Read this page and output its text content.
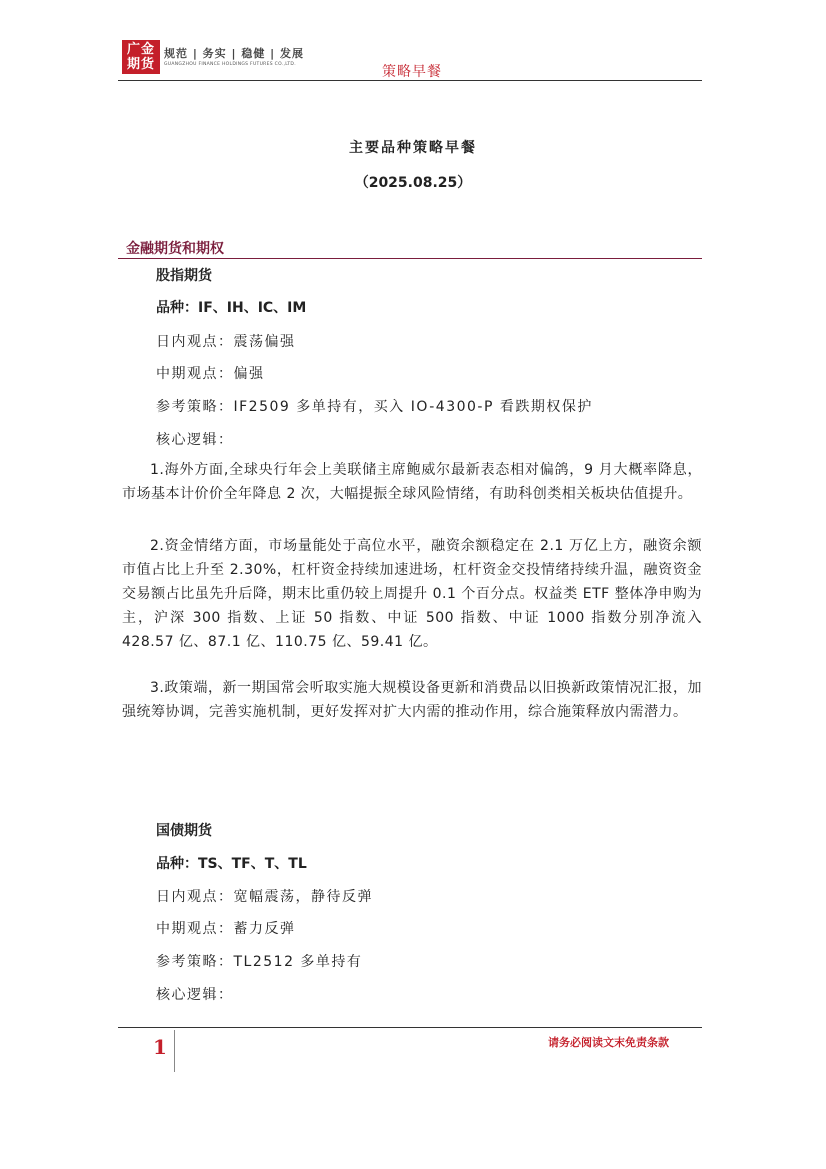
广金
期货
规范 | 务实 | 稳健 | 发展
GUANGZHOU FINANCE HOLDINGS FUTURES CO.,LTD.	策略早餐
主要品种策略早餐
（2025.08.25）
金融期货和期权
股指期货
品种：IF、IH、IC、IM
日内观点：震荡偏强
中期观点：偏强
参考策略：IF2509 多单持有，买入 IO-4300-P 看跌期权保护
核心逻辑：
1.海外方面,全球央行年会上美联储主席鲍威尔最新表态相对偏鸽，9 月大概率降息，市场基本计价价全年降息 2 次，大幅提振全球风险情绪，有助科创类相关板块估值提升。
2.资金情绪方面，市场量能处于高位水平，融资余额稳定在 2.1 万亿上方，融资余额市值占比上升至 2.30%，杠杆资金持续加速进场，杠杆资金交投情绪持续升温，融资资金交易额占比虽先升后降，期末比重仍较上周提升 0.1 个百分点。权益类 ETF 整体净申购为主，沪深 300 指数、上证 50 指数、中证 500 指数、中证 1000 指数分别净流入 428.57 亿、87.1 亿、110.75 亿、59.41 亿。
3.政策端，新一期国常会听取实施大规模设备更新和消费品以旧换新政策情况汇报，加强统筹协调，完善实施机制，更好发挥对扩大内需的推动作用，综合施策释放内需潜力。
国债期货
品种：TS、TF、T、TL
日内观点：宽幅震荡，静待反弹
中期观点：蓄力反弹
参考策略：TL2512 多单持有
核心逻辑：
1	请务必阅读文末免责条款
